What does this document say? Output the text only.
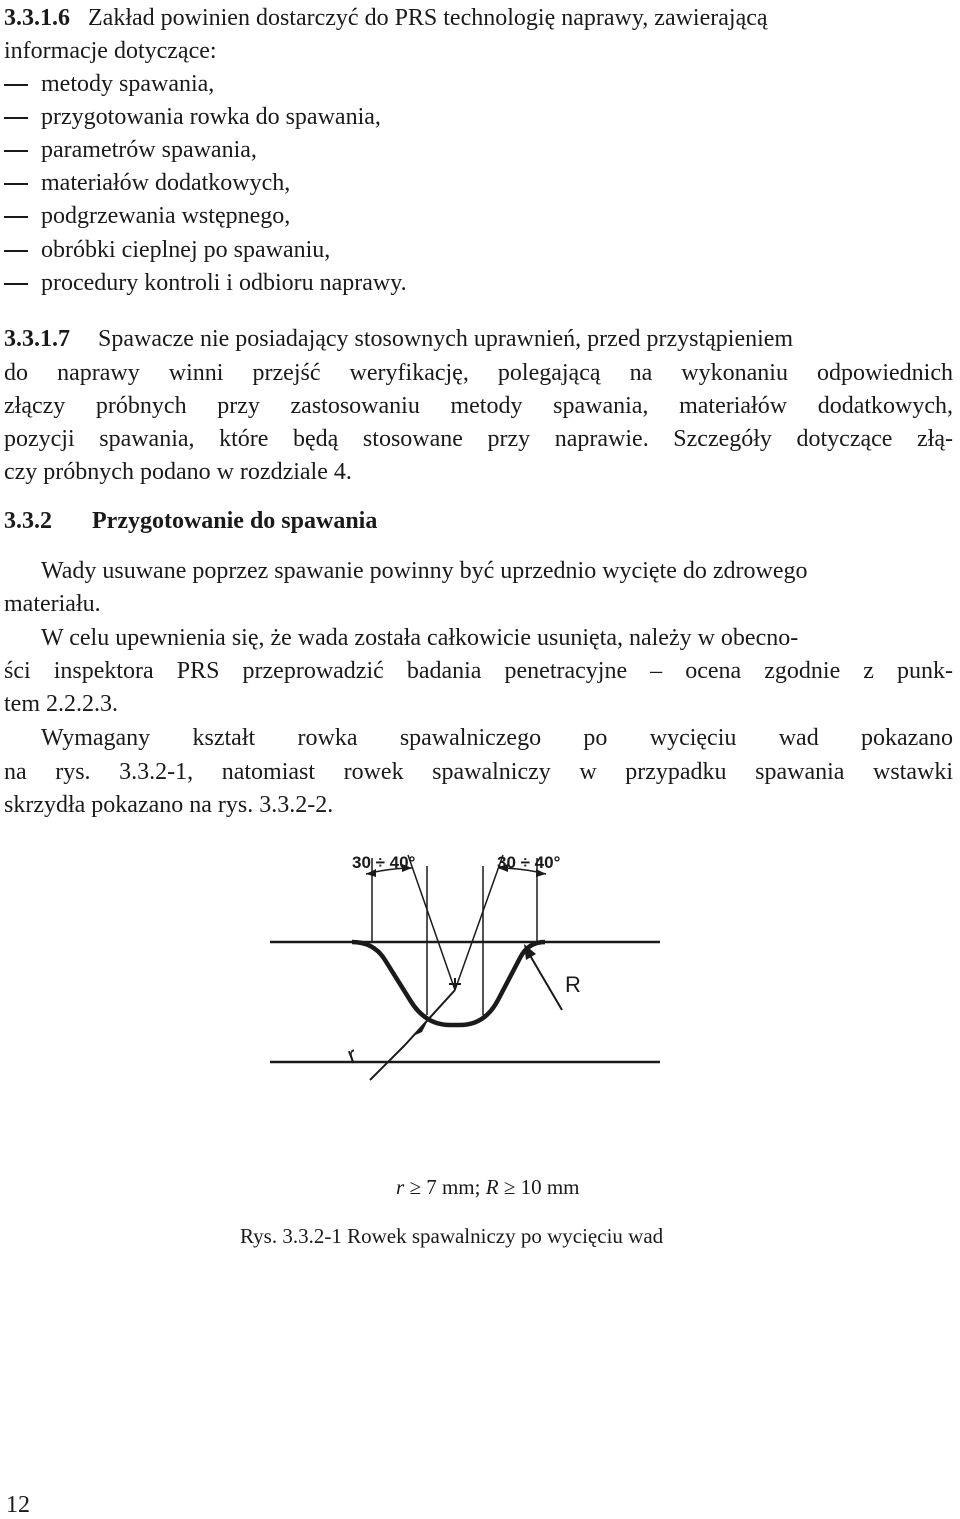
3.3.1.6 Zakład powinien dostarczyć do PRS technologię naprawy, zawierającą
informacje dotyczące:
metody spawania,
przygotowania rowka do spawania,
parametrów spawania,
materiałów dodatkowych,
podgrzewania wstępnego,
obróbki cieplnej po spawaniu,
procedury kontroli i odbioru naprawy.
3.3.1.7 Spawacze nie posiadający stosownych uprawnień, przed przystąpieniem
do naprawy winni przejść weryfikację, polegającą na wykonaniu odpowiednich
złączy próbnych przy zastosowaniu metody spawania, materiałów dodatkowych,
pozycji spawania, które będą stosowane przy naprawie. Szczegóły dotyczące złą-
czy próbnych podano w rozdziale 4.
3.3.2 Przygotowanie do spawania
Wady usuwane poprzez spawanie powinny być uprzednio wycięte do zdrowego
materiału.
W celu upewnienia się, że wada została całkowicie usunięta, należy w obecno-
ści inspektora PRS przeprowadzić badania penetracyjne – ocena zgodnie z punk-
tem 2.2.2.3.
Wymagany kształt rowka spawalniczego po wycięciu wad pokazano
na rys. 3.3.2-1, natomiast rowek spawalniczy w przypadku spawania wstawki
skrzydła pokazano na rys. 3.3.2-2.
30 ÷ 40°	30 ÷ 40°
R
r
r ≥ 7 mm; R ≥ 10 mm
Rys. 3.3.2-1 Rowek spawalniczy po wycięciu wad
12
